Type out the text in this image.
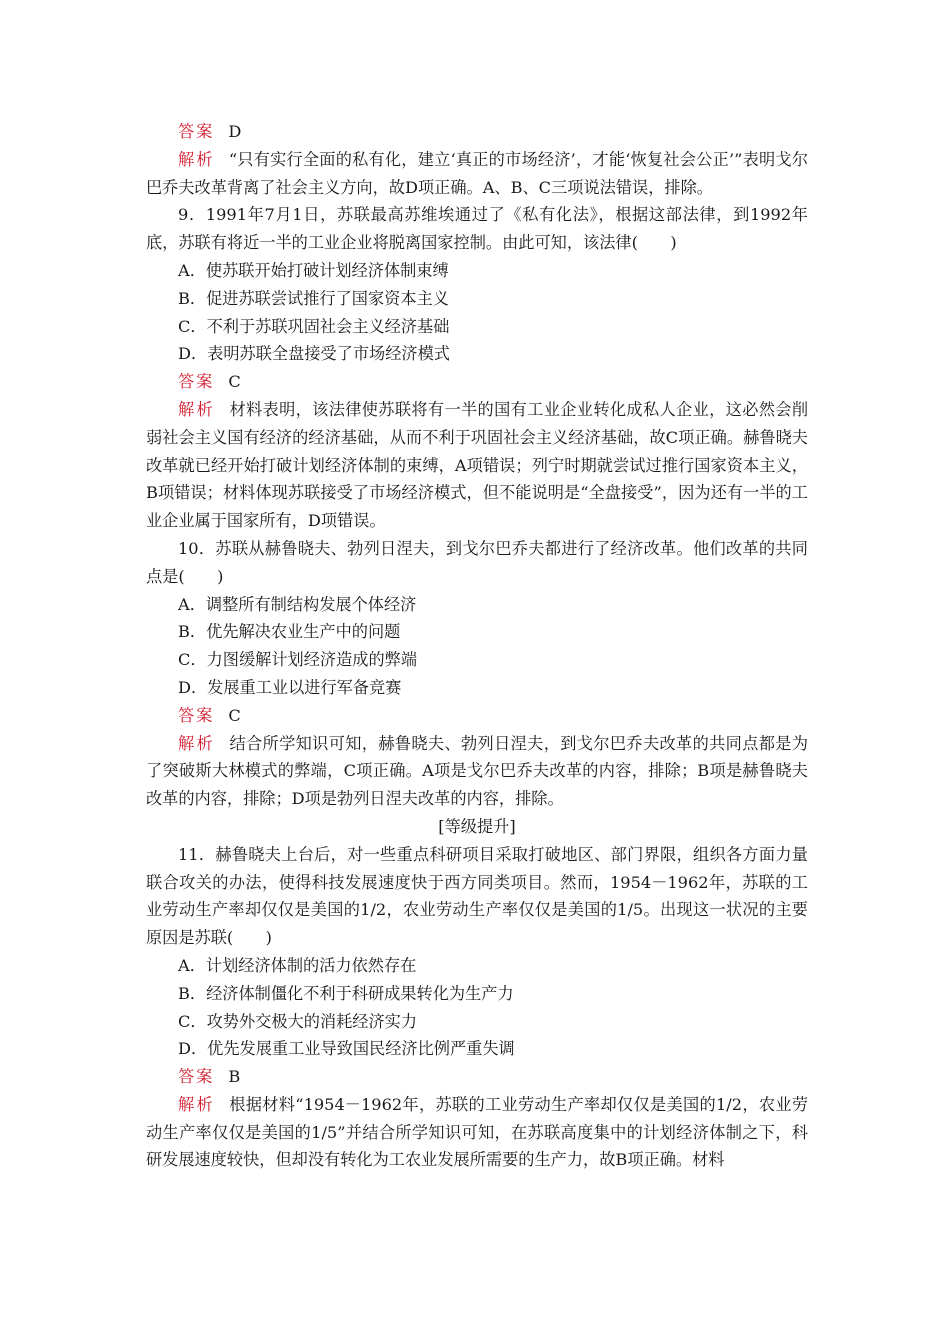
答案 D

解析 “只有实行全面的私有化，建立‘真正的市场经济’，才能‘恢复社会公正’”表明戈尔巴乔夫改革背离了社会主义方向，故D项正确。A、B、C三项说法错误，排除。

9．1991年7月1日，苏联最高苏维埃通过了《私有化法》，根据这部法律，到1992年底，苏联有将近一半的工业企业将脱离国家控制。由此可知，该法律(　　)

A．使苏联开始打破计划经济体制束缚

B．促进苏联尝试推行了国家资本主义

C．不利于苏联巩固社会主义经济基础

D．表明苏联全盘接受了市场经济模式

答案 C

解析 材料表明，该法律使苏联将有一半的国有工业企业转化成私人企业，这必然会削弱社会主义国有经济的经济基础，从而不利于巩固社会主义经济基础，故C项正确。赫鲁晓夫改革就已经开始打破计划经济体制的束缚，A项错误；列宁时期就尝试过推行国家资本主义，B项错误；材料体现苏联接受了市场经济模式，但不能说明是“全盘接受”，因为还有一半的工业企业属于国家所有，D项错误。

10．苏联从赫鲁晓夫、勃列日涅夫，到戈尔巴乔夫都进行了经济改革。他们改革的共同点是(　　)

A．调整所有制结构发展个体经济

B．优先解决农业生产中的问题

C．力图缓解计划经济造成的弊端

D．发展重工业以进行军备竞赛

答案 C

解析 结合所学知识可知，赫鲁晓夫、勃列日涅夫，到戈尔巴乔夫改革的共同点都是为了突破斯大林模式的弊端，C项正确。A项是戈尔巴乔夫改革的内容，排除；B项是赫鲁晓夫改革的内容，排除；D项是勃列日涅夫改革的内容，排除。

[等级提升]

11．赫鲁晓夫上台后，对一些重点科研项目采取打破地区、部门界限，组织各方面力量联合攻关的办法，使得科技发展速度快于西方同类项目。然而，1954－1962年，苏联的工业劳动生产率却仅仅是美国的1/2，农业劳动生产率仅仅是美国的1/5。出现这一状况的主要原因是苏联(　　)

A．计划经济体制的活力依然存在

B．经济体制僵化不利于科研成果转化为生产力

C．攻势外交极大的消耗经济实力

D．优先发展重工业导致国民经济比例严重失调

答案 B

解析 根据材料“1954－1962年，苏联的工业劳动生产率却仅仅是美国的1/2，农业劳动生产率仅仅是美国的1/5”并结合所学知识可知，在苏联高度集中的计划经济体制之下，科研发展速度较快，但却没有转化为工农业发展所需要的生产力，故B项正确。材料
